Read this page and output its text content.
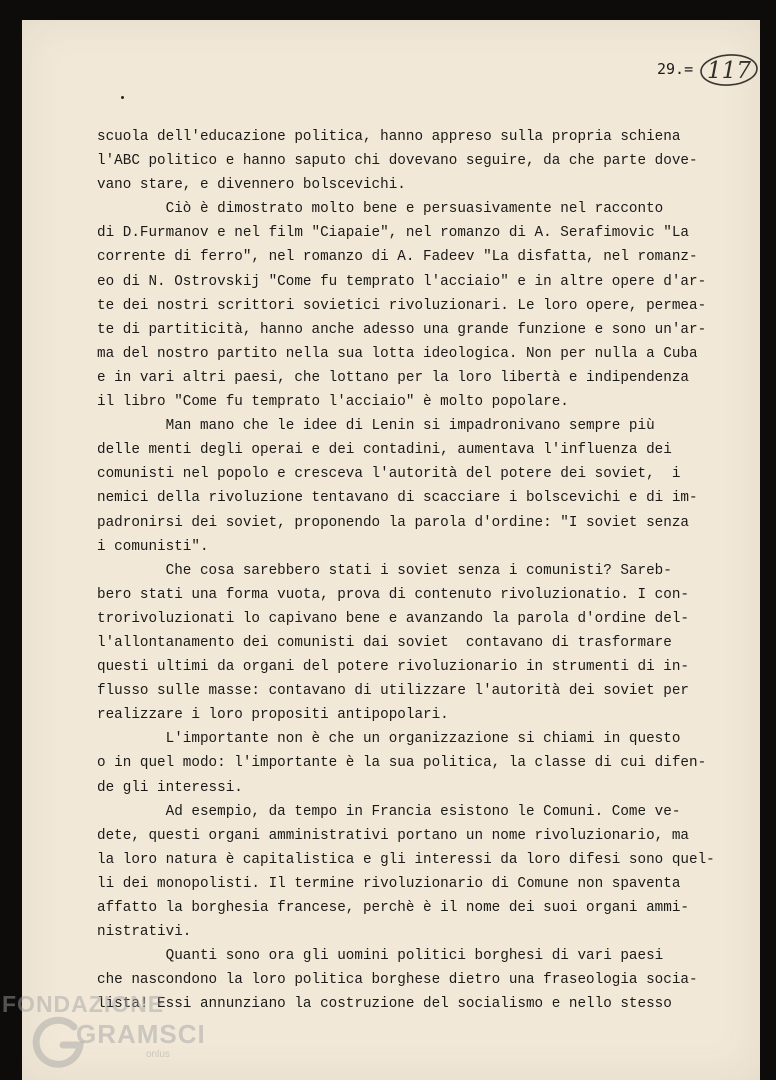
29.= 117
scuola dell'educazione politica, hanno appreso sulla propria schiena
l'ABC politico e hanno saputo chi dovevano seguire, da che parte dove-
vano stare, e divennero bolscevichi.
Ciò è dimostrato molto bene e persuasivamente nel racconto
di D.Furmanov e nel film "Ciapaie", nel romanzo di A. Serafimovic "La
corrente di ferro", nel romanzo di A. Fadeev "La disfatta, nel romanz-
eo di N. Ostrovskij "Come fu temprato l'acciaio" e in altre opere d'ar-
te dei nostri scrittori sovietici rivoluzionari. Le loro opere, permea-
te di partiticità, hanno anche adesso una grande funzione e sono un'ar-
ma del nostro partito nella sua lotta ideologica. Non per nulla a Cuba
e in vari altri paesi, che lottano per la loro libertà e indipendenza
il libro "Come fu temprato l'acciaio" è molto popolare.
Man mano che le idee di Lenin si impadronivano sempre più
delle menti degli operai e dei contadini, aumentava l'influenza dei
comunisti nel popolo e cresceva l'autorità del potere dei soviet,  i
nemici della rivoluzione tentavano di scacciare i bolscevichi e di im-
padronirsi dei soviet, proponendo la parola d'ordine: "I soviet senza
i comunisti".
Che cosa sarebbero stati i soviet senza i comunisti? Sareb-
bero stati una forma vuota, prova di contenuto rivoluzionatio. I con-
trorivoluzionati lo capivano bene e avanzando la parola d'ordine del-
l'allontanamento dei comunisti dai soviet  contavano di trasformare
questi ultimi da organi del potere rivoluzionario in strumenti di in-
flusso sulle masse: contavano di utilizzare l'autorità dei soviet per
realizzare i loro propositi antipopolari.
L'importante non è che un organizzazione si chiami in questo
o in quel modo: l'importante è la sua politica, la classe di cui difen-
de gli interessi.
Ad esempio, da tempo in Francia esistono le Comuni. Come ve-
dete, questi organi amministrativi portano un nome rivoluzionario, ma
la loro natura è capitalistica e gli interessi da loro difesi sono quel-
li dei monopolisti. Il termine rivoluzionario di Comune non spaventa
affatto la borghesia francese, perchè è il nome dei suoi organi ammi-
nistrativi.
Quanti sono ora gli uomini politici borghesi di vari paesi
che nascondono la loro politica borghese dietro una fraseologia socia-
lista! Essi annunziano la costruzione del socialismo e nello stesso
FONDAZIONE
GRAMSCI
onlus
